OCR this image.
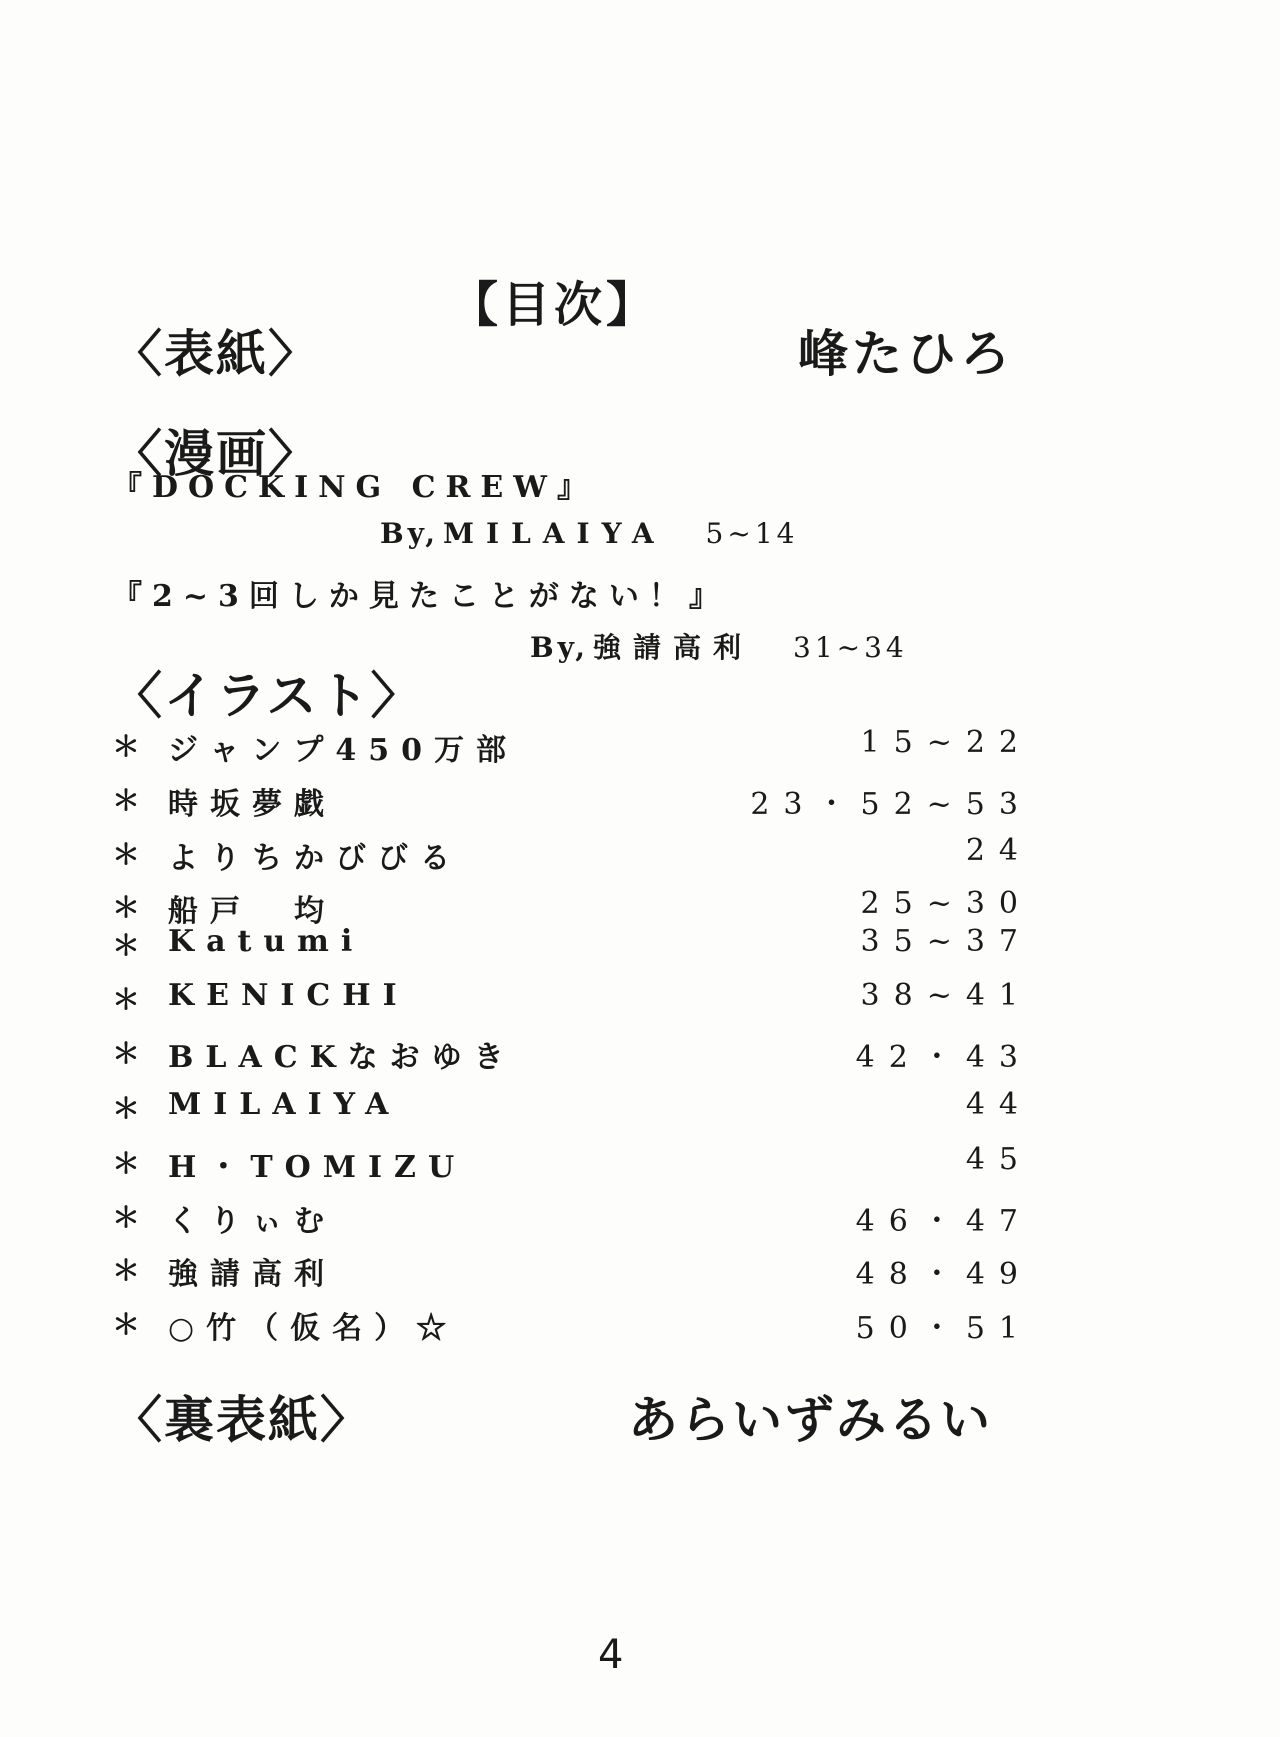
【目次】
〈表紙〉	峰たひろ
〈漫画〉
『DOCKING CREW』
By, MILAIYA 5~14
『2~3回しか見たことがない！』
By, 強請高利 31~34
〈イラスト〉
＊ ジャンプ450万部	15~22
＊ 時坂夢戯	23・52~53
＊ よりちかびびる	24
＊ 船戸　均	25~30
＊ Katumi	35~37
＊ KENICHI	38~41
＊ BLACKなおゆき	42・43
＊ MILAIYA	44
＊ H・TOMIZU	45
＊ くりぃむ	46・47
＊ 強請高利	48・49
＊ ○竹（仮名）☆	50・51
〈裏表紙〉	あらいずみるい
4
